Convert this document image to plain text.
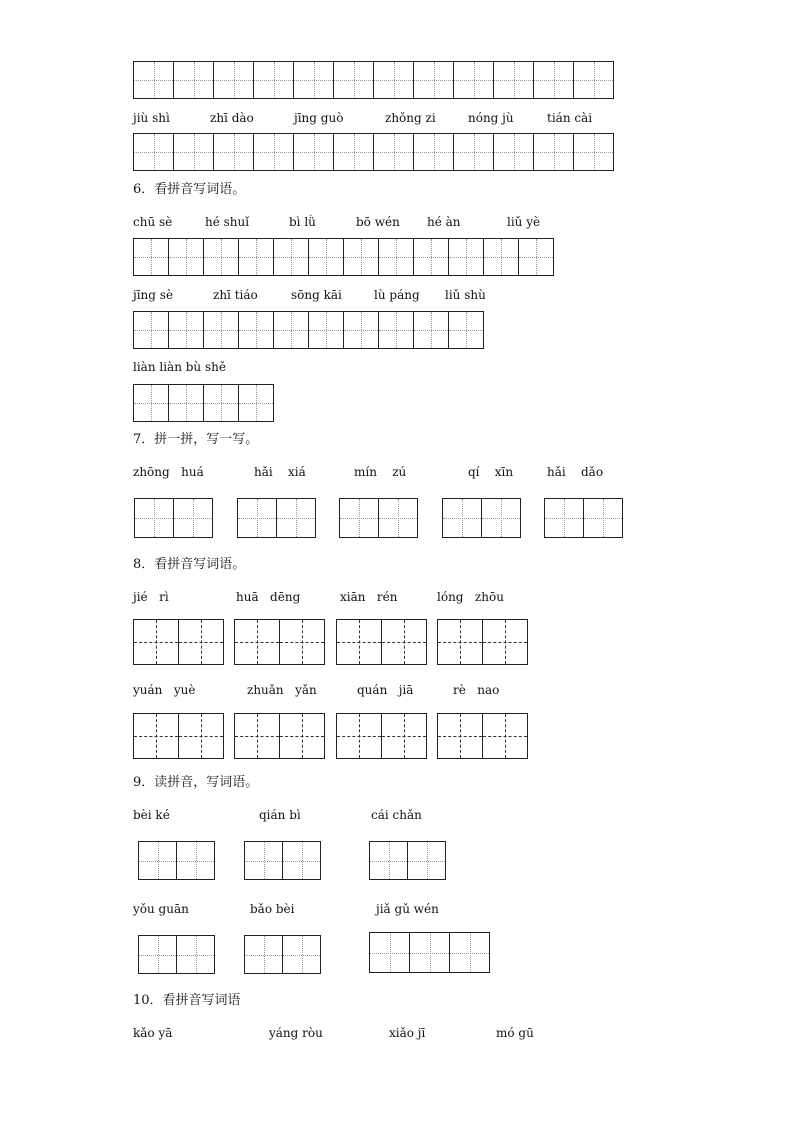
jiù shì	zhī dào	jīng guò	zhǒng zi	nóng jù	tián cài
6．看拼音写词语。
chū sè	hé shuǐ	bì lǜ	bō wén hé àn	liǔ yè
jīng sè	zhī tiáo	sōng kāi	lù páng liǔ shù
liàn liàn bù shě
7．拼一拼，写一写。
zhōng   huá	hǎi    xiá	mín    zú	qí    xīn	hǎi    dǎo
8．看拼音写词语。
jié   rì	huā   dēng	xiān   rén	lóng   zhōu
yuán   yuè	zhuǎn   yǎn	quán   jiā	rè   nao
9．读拼音，写词语。
bèi ké	qián bì	cái chǎn
yǒu guān	bǎo bèi	jiǎ gǔ wén
10．看拼音写词语
kǎo yā	yáng ròu	xiǎo jī	mó gū
